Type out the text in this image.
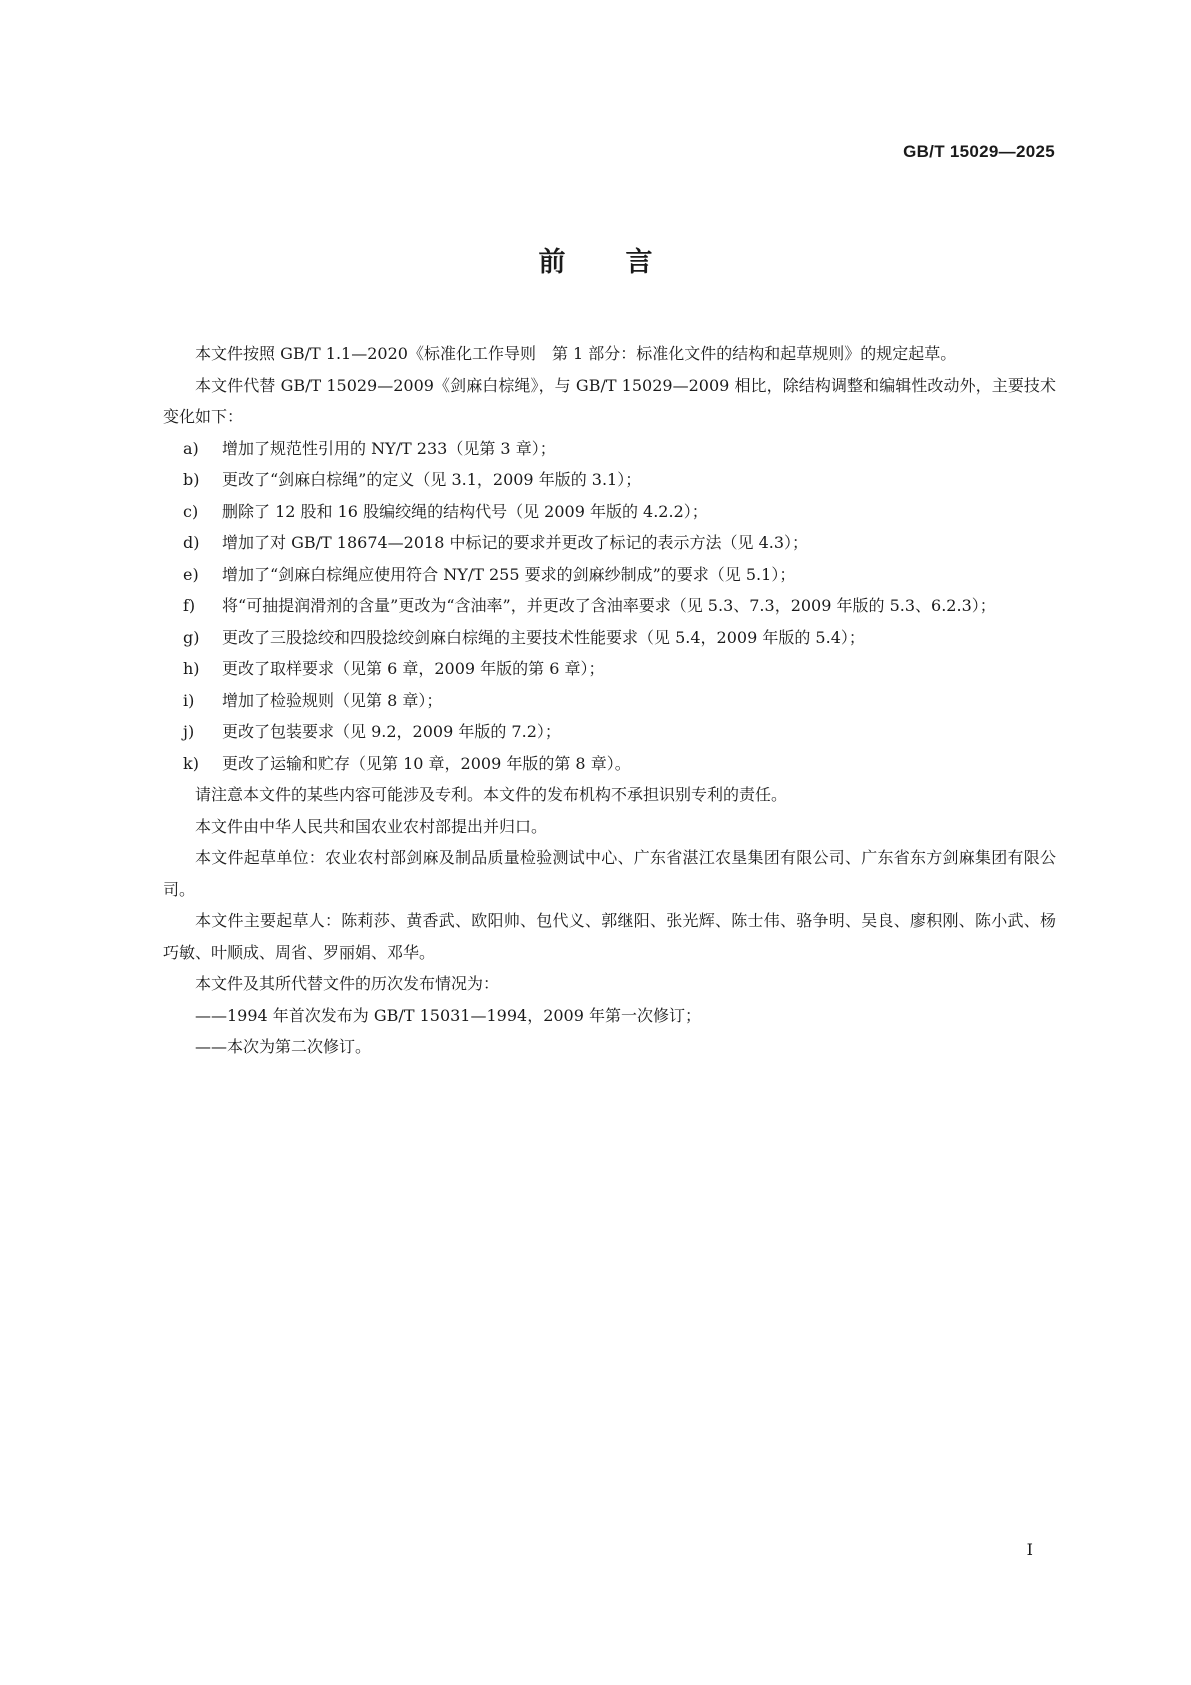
GB/T 15029—2025
前言
本文件按照 GB/T 1.1—2020《标准化工作导则　第 1 部分：标准化文件的结构和起草规则》的规定起草。
本文件代替 GB/T 15029—2009《剑麻白棕绳》，与 GB/T 15029—2009 相比，除结构调整和编辑性改动外，主要技术变化如下：
a) 增加了规范性引用的 NY/T 233（见第 3 章）；
b) 更改了“剑麻白棕绳”的定义（见 3.1，2009 年版的 3.1）；
c) 删除了 12 股和 16 股编绞绳的结构代号（见 2009 年版的 4.2.2）；
d) 增加了对 GB/T 18674—2018 中标记的要求并更改了标记的表示方法（见 4.3）；
e) 增加了“剑麻白棕绳应使用符合 NY/T 255 要求的剑麻纱制成”的要求（见 5.1）；
f) 将“可抽提润滑剂的含量”更改为“含油率”，并更改了含油率要求（见 5.3、7.3，2009 年版的 5.3、6.2.3）；
g) 更改了三股捻绞和四股捻绞剑麻白棕绳的主要技术性能要求（见 5.4，2009 年版的 5.4）；
h) 更改了取样要求（见第 6 章，2009 年版的第 6 章）；
i) 增加了检验规则（见第 8 章）；
j) 更改了包装要求（见 9.2，2009 年版的 7.2）；
k) 更改了运输和贮存（见第 10 章，2009 年版的第 8 章）。
请注意本文件的某些内容可能涉及专利。本文件的发布机构不承担识别专利的责任。
本文件由中华人民共和国农业农村部提出并归口。
本文件起草单位：农业农村部剑麻及制品质量检验测试中心、广东省湛江农垦集团有限公司、广东省东方剑麻集团有限公司。
本文件主要起草人：陈莉莎、黄香武、欧阳帅、包代义、郭继阳、张光辉、陈士伟、骆争明、吴良、廖积刚、陈小武、杨巧敏、叶顺成、周省、罗丽娟、邓华。
本文件及其所代替文件的历次发布情况为：
——1994 年首次发布为 GB/T 15031—1994，2009 年第一次修订；
——本次为第二次修订。
I
